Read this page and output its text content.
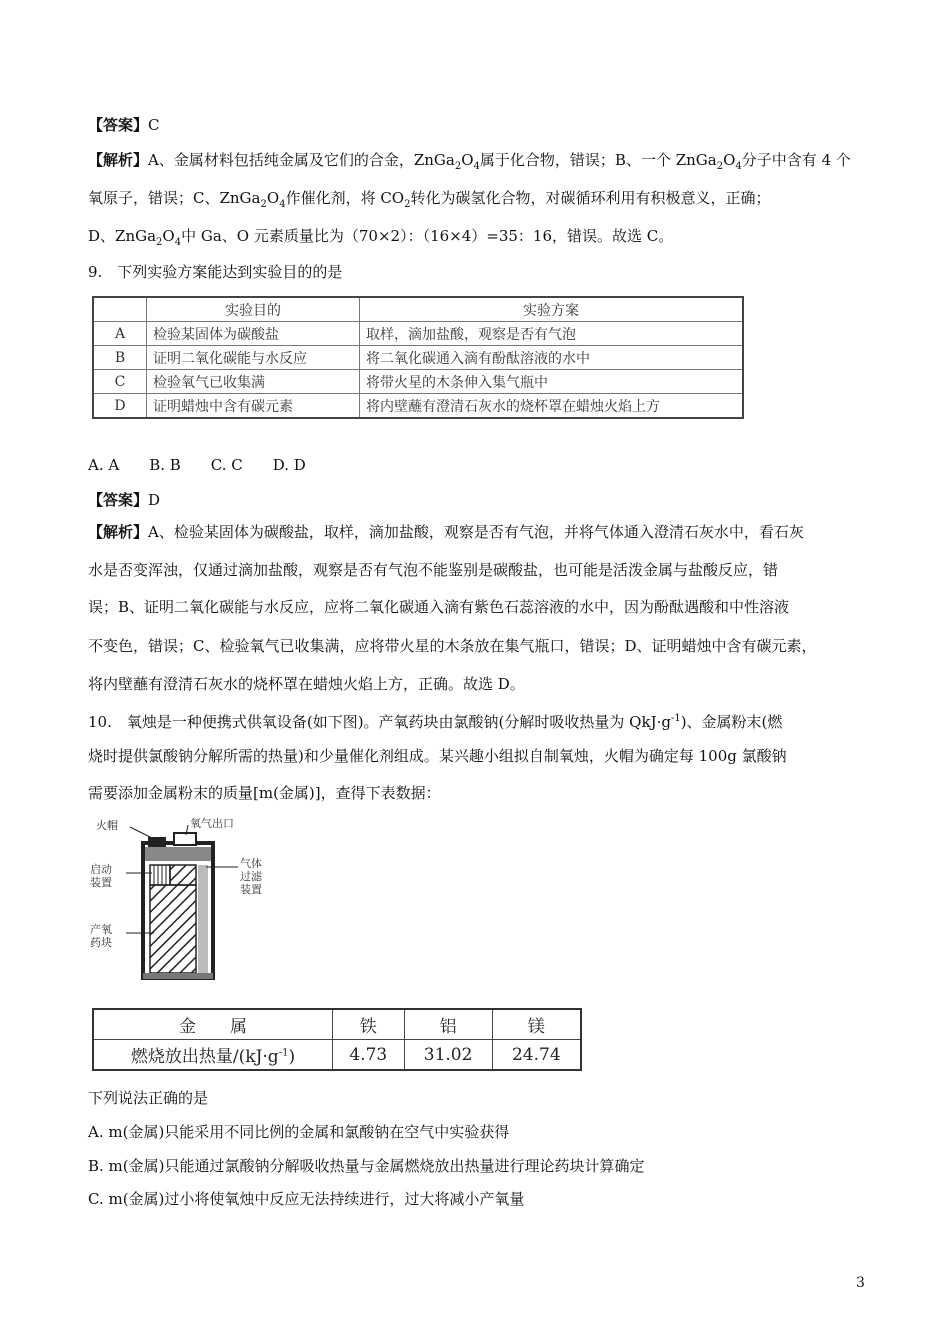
【答案】C
【解析】A、金属材料包括纯金属及它们的合金，$ZnGa_2O_4$属于化合物，错误；B、一个 $ZnGa_2O_4$分子中含有 4 个
氧原子，错误；C、$ZnGa_2O_4$作催化剂，将 $CO_2$转化为碳氢化合物，对碳循环利用有积极意义，正确；
D、$ZnGa_2O_4$中 Ga、O 元素质量比为（70×2）：（16×4）=35：16，错误。故选 C。
9.　下列实验方案能达到实验目的的是
	实验目的	实验方案
A	检验某固体为碳酸盐	取样，滴加盐酸，观察是否有气泡
B	证明二氧化碳能与水反应	将二氧化碳通入滴有酚酞溶液的水中
C	检验氧气已收集满	将带火星的木条伸入集气瓶中
D	证明蜡烛中含有碳元素	将内壁蘸有澄清石灰水的烧杯罩在蜡烛火焰上方
A. A　　B. B　　C. C　　D. D
【答案】D
【解析】A、检验某固体为碳酸盐，取样，滴加盐酸，观察是否有气泡，并将气体通入澄清石灰水中，看石灰
水是否变浑浊，仅通过滴加盐酸，观察是否有气泡不能鉴别是碳酸盐，也可能是活泼金属与盐酸反应，错
误；B、证明二氧化碳能与水反应，应将二氧化碳通入滴有紫色石蕊溶液的水中，因为酚酞遇酸和中性溶液
不变色，错误；C、检验氧气已收集满，应将带火星的木条放在集气瓶口，错误；D、证明蜡烛中含有碳元素，
将内壁蘸有澄清石灰水的烧杯罩在蜡烛火焰上方，正确。故选 D。
10.　氧烛是一种便携式供氧设备(如下图)。产氧药块由氯酸钠(分解时吸收热量为 $QkJ\cdot g^{-1}$)、金属粉末(燃
烧时提供氯酸钠分解所需的热量)和少量催化剂组成。某兴趣小组拟自制氧烛，火帽为确定每 100g 氯酸钠
需要添加金属粉末的质量[m(金属)]，查得下表数据：
火帽	氧气出口
启动
装置
气体
过滤
装置
产氧
药块
金　　属	铁	铝	镁
燃烧放出热量$/(kJ\cdot g^{-1})$	4.73	31.02	24.74
下列说法正确的是
A. m(金属)只能采用不同比例的金属和氯酸钠在空气中实验获得
B. m(金属)只能通过氯酸钠分解吸收热量与金属燃烧放出热量进行理论药块计算确定
C. m(金属)过小将使氧烛中反应无法持续进行，过大将减小产氧量
3
